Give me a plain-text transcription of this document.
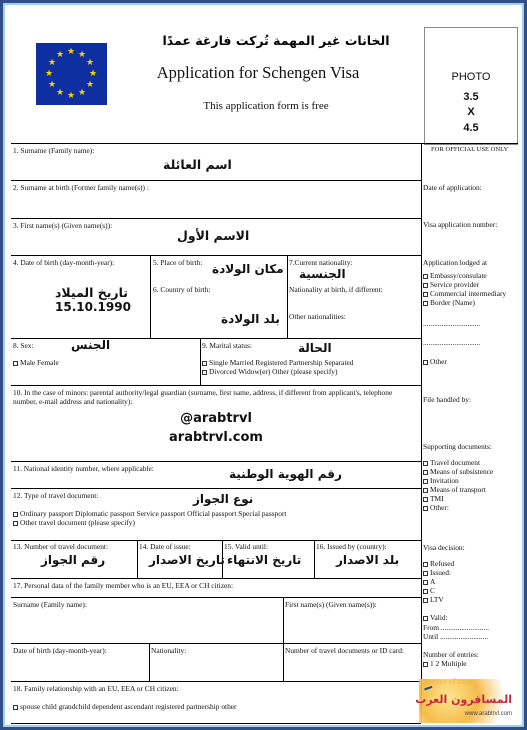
★ ★
★
★
★
★
★
★
★
★
★
★
الخانات غير المهمة تُركت فارغة عمدًا
Application for Schengen Visa
This application form is free
PHOTO
3.5
X
4.5
1. Surname (Family name):
اسم العائلة
2. Surname at birth (Former family name(s)) :
3. First name(s) (Given name(s)):
الاسم الأول
4. Date of birth (day-month-year):
تاريخ الميلاد
15.10.1990
5. Place of birth: مكان الولادة
6. Country of birth:
بلد الولادة
7.Current nationality:
الجنسية
Nationality at birth, if different:
Other nationalities:
8. Sex:	الجنس
Male Female
9. Marital status:	الحالة
Single Married Registered Partnership Separated
Divorced Widow(er) Other (please specify)
10. In the case of minors: parental authority/legal guardian (surname, first name, address, if different from applicant's, telephone number, e-mail address and nationality):
@arabtrvl
arabtrvl.com
11. National identity number, where applicable:	رقم الهوية الوطنية
12. Type of travel document:	نوع الجواز
Ordinary passport Diplomatic passport Service passport Official passport Special passport
Other travel document (please specify)
13. Number of travel document:
رقم الجواز
14. Date of issue:
تاريخ الاصدار
15. Valid until:
تاريخ الانتهاء
16. Issued by (country):
بلد الاصدار
17. Personal data of the family member who is an EU, EEA or CH citizen:
Surname (Family name):	First name(s) (Given name(s)):
Date of birth (day-month-year):	Nationality:	Number of travel documents or ID card:
18. Family relationship with an EU, EEA or CH citizen:
spouse child grandchild dependent ascendant registered partnership other
FOR OFFICIAL USE ONLY
Date of application:
Visa application number:
Application lodged at
Embassy/consulate
Service provider
Commercial intermediary
Border (Name)
...............................
...............................
Other
File handled by:
Supporting documents:
Travel document
Means of subsistence
Invitation
Means of transport
TMI
Other:
Visa decision:
Refused
Issued:
A
C
LTV
Valid:
From ..........................
Until ..........................
Number of entries:
1 2 Multiple
المسافرون العرب
www.arabtrvl.com
